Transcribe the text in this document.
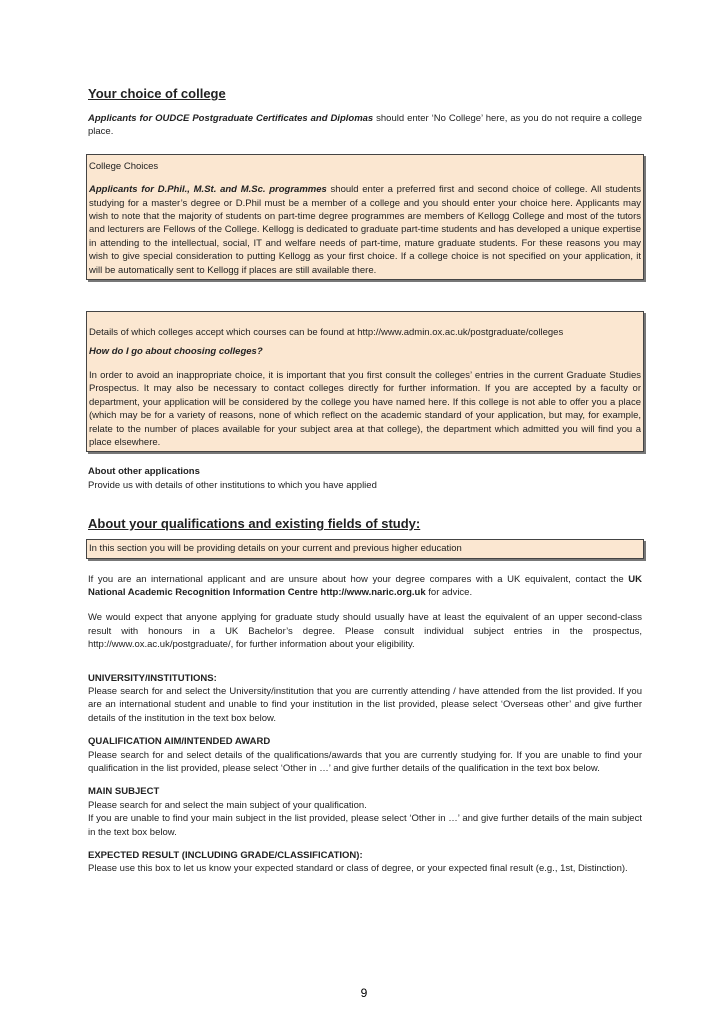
Your choice of college

Applicants for OUDCE Postgraduate Certificates and Diplomas should enter ‘No College’ here, as you do not require a college place.

College Choices

Applicants for D.Phil., M.St. and M.Sc. programmes should enter a preferred first and second choice of college. All students studying for a master’s degree or D.Phil must be a member of a college and you should enter your choice here. Applicants may wish to note that the majority of students on part-time degree programmes are members of Kellogg College and most of the tutors and lecturers are Fellows of the College. Kellogg is dedicated to graduate part-time students and has developed a unique expertise in attending to the intellectual, social, IT and welfare needs of part-time, mature graduate students. For these reasons you may wish to give special consideration to putting Kellogg as your first choice. If a college choice is not specified on your application, it will be automatically sent to Kellogg if places are still available there.

Details of which colleges accept which courses can be found at http://www.admin.ox.ac.uk/postgraduate/colleges

How do I go about choosing colleges?

In order to avoid an inappropriate choice, it is important that you first consult the colleges’ entries in the current Graduate Studies Prospectus. It may also be necessary to contact colleges directly for further information. If you are accepted by a faculty or department, your application will be considered by the college you have named here. If this college is not able to offer you a place (which may be for a variety of reasons, none of which reflect on the academic standard of your application, but may, for example, relate to the number of places available for your subject area at that college), the department which admitted you will find you a place elsewhere.

About other applications

Provide us with details of other institutions to which you have applied

About your qualifications and existing fields of study:

In this section you will be providing details on your current and previous higher education

If you are an international applicant and are unsure about how your degree compares with a UK equivalent, contact the UK National Academic Recognition Information Centre http://www.naric.org.uk for advice.

We would expect that anyone applying for graduate study should usually have at least the equivalent of an upper second-class result with honours in a UK Bachelor’s degree. Please consult individual subject entries in the prospectus, http://www.ox.ac.uk/postgraduate/, for further information about your eligibility.

UNIVERSITY/INSTITUTIONS:

Please search for and select the University/institution that you are currently attending / have attended from the list provided. If you are an international student and unable to find your institution in the list provided, please select ‘Overseas other’ and give further details of the institution in the text box below.

QUALIFICATION AIM/INTENDED AWARD

Please search for and select details of the qualifications/awards that you are currently studying for. If you are unable to find your qualification in the list provided, please select ‘Other in …’ and give further details of the qualification in the text box below.

MAIN SUBJECT

Please search for and select the main subject of your qualification.

If you are unable to find your main subject in the list provided, please select ‘Other in …’ and give further details of the main subject in the text box below.

EXPECTED RESULT (INCLUDING GRADE/CLASSIFICATION):

Please use this box to let us know your expected standard or class of degree, or your expected final result (e.g., 1st, Distinction).

9
